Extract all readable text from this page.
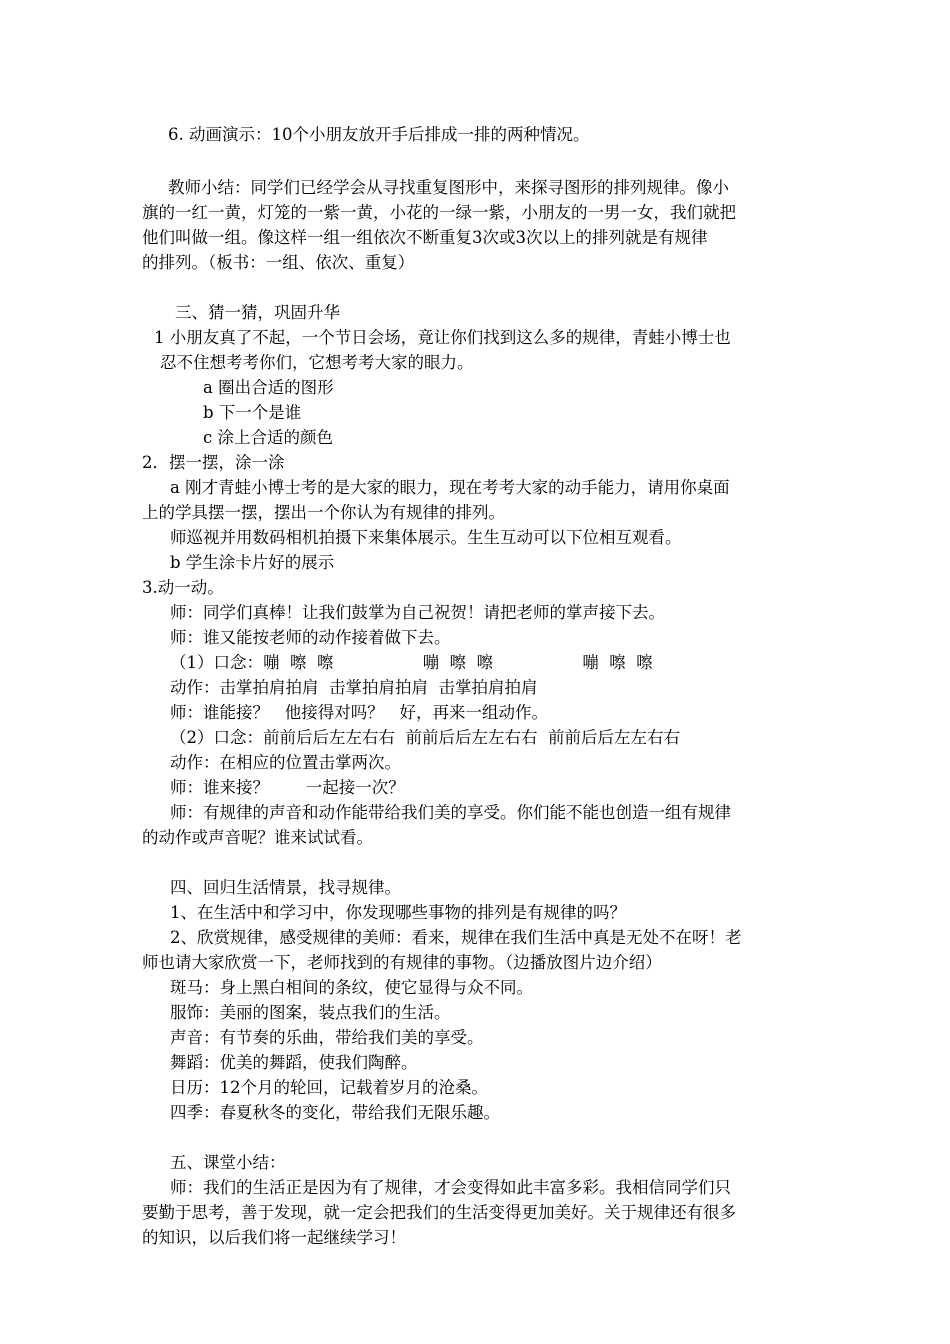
6. 动画演示：10个小朋友放开手后排成一排的两种情况。
教师小结：同学们已经学会从寻找重复图形中，来探寻图形的排列规律。像小
旗的一红一黄，灯笼的一紫一黄，小花的一绿一紫，小朋友的一男一女，我们就把
他们叫做一组。像这样一组一组依次不断重复3次或3次以上的排列就是有规律
的排列。（板书：一组、依次、重复）
三、猜一猜，巩固升华
1 小朋友真了不起，一个节日会场，竟让你们找到这么多的规律，青蛙小博士也
忍不住想考考你们，它想考考大家的眼力。
a 圈出合适的图形
b 下一个是谁
c 涂上合适的颜色
2．摆一摆，涂一涂
a 刚才青蛙小博士考的是大家的眼力，现在考考大家的动手能力，请用你桌面
上的学具摆一摆，摆出一个你认为有规律的排列。
师巡视并用数码相机拍摄下来集体展示。生生互动可以下位相互观看。
b 学生涂卡片好的展示
3.动一动。
师：同学们真棒！让我们鼓掌为自己祝贺！请把老师的掌声接下去。
师：谁又能按老师的动作接着做下去。
（1）口念：嘣  嚓  嚓                 嘣  嚓  嚓                 嘣  嚓  嚓
动作：击掌拍肩拍肩  击掌拍肩拍肩  击掌拍肩拍肩
师：谁能接？   他接得对吗？   好，再来一组动作。
（2）口念：前前后后左左右右  前前后后左左右右  前前后后左左右右
动作：在相应的位置击掌两次。
师：谁来接？       一起接一次？
师：有规律的声音和动作能带给我们美的享受。你们能不能也创造一组有规律
的动作或声音呢？谁来试试看。
四、回归生活情景，找寻规律。
1、在生活中和学习中，你发现哪些事物的排列是有规律的吗？
2、欣赏规律，感受规律的美师：看来，规律在我们生活中真是无处不在呀！老
师也请大家欣赏一下，老师找到的有规律的事物。（边播放图片边介绍）
斑马：身上黑白相间的条纹，使它显得与众不同。
服饰：美丽的图案，装点我们的生活。
声音：有节奏的乐曲，带给我们美的享受。
舞蹈：优美的舞蹈，使我们陶醉。
日历：12个月的轮回，记载着岁月的沧桑。
四季：春夏秋冬的变化，带给我们无限乐趣。
五、课堂小结：
师：我们的生活正是因为有了规律，才会变得如此丰富多彩。我相信同学们只
要勤于思考，善于发现，就一定会把我们的生活变得更加美好。关于规律还有很多
的知识，以后我们将一起继续学习！
